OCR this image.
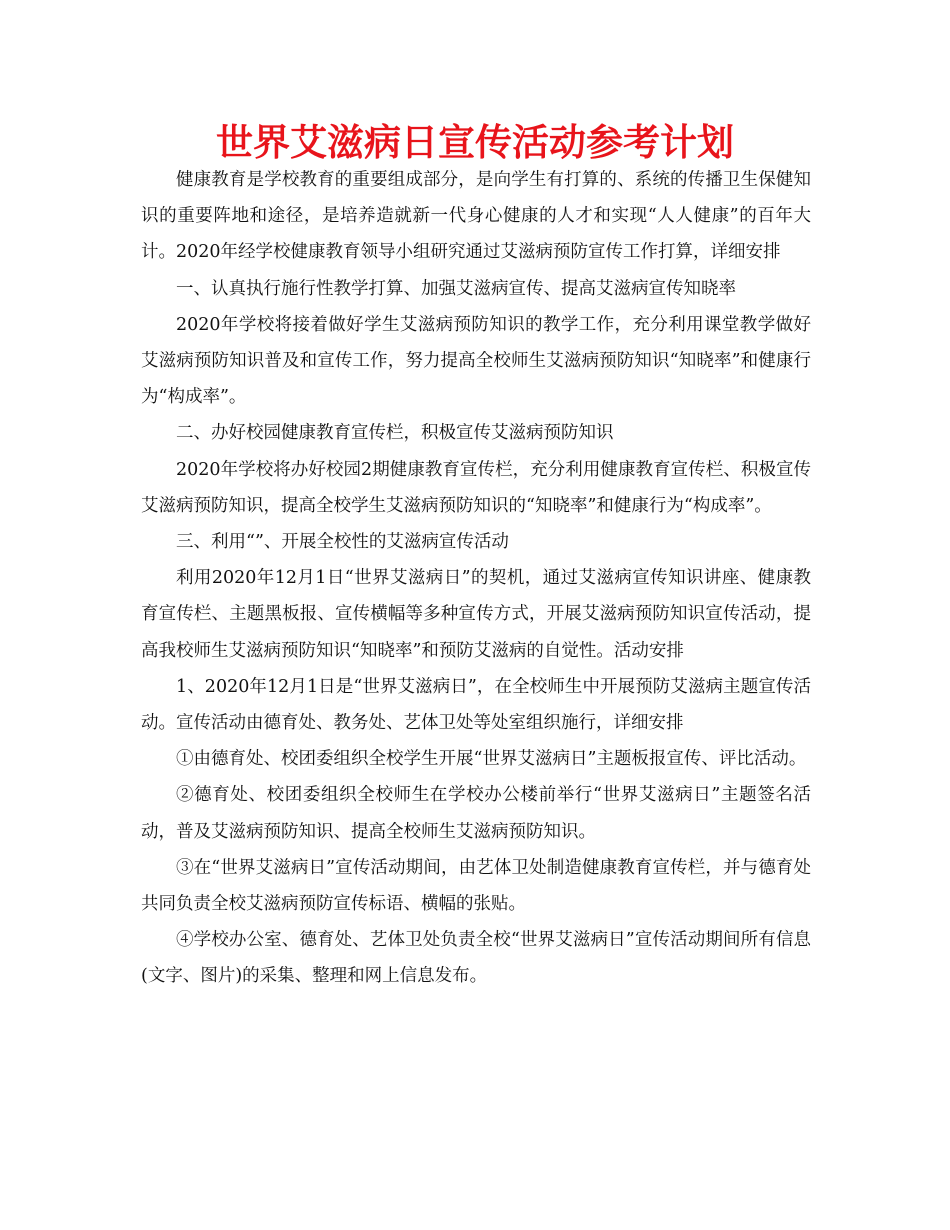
世界艾滋病日宣传活动参考计划

健康教育是学校教育的重要组成部分，是向学生有打算的、系统的传播卫生保健知识的重要阵地和途径，是培养造就新一代身心健康的人才和实现“人人健康”的百年大计。2020年经学校健康教育领导小组研究通过艾滋病预防宣传工作打算，详细安排

一、认真执行施行性教学打算、加强艾滋病宣传、提高艾滋病宣传知晓率

2020年学校将接着做好学生艾滋病预防知识的教学工作，充分利用课堂教学做好艾滋病预防知识普及和宣传工作，努力提高全校师生艾滋病预防知识“知晓率”和健康行为“构成率”。

二、办好校园健康教育宣传栏，积极宣传艾滋病预防知识

2020年学校将办好校园2期健康教育宣传栏，充分利用健康教育宣传栏、积极宣传艾滋病预防知识，提高全校学生艾滋病预防知识的“知晓率”和健康行为“构成率”。

三、利用“”、开展全校性的艾滋病宣传活动

利用2020年12月1日“世界艾滋病日”的契机，通过艾滋病宣传知识讲座、健康教育宣传栏、主题黑板报、宣传横幅等多种宣传方式，开展艾滋病预防知识宣传活动，提高我校师生艾滋病预防知识“知晓率”和预防艾滋病的自觉性。活动安排

1、2020年12月1日是“世界艾滋病日”，在全校师生中开展预防艾滋病主题宣传活动。宣传活动由德育处、教务处、艺体卫处等处室组织施行，详细安排

①由德育处、校团委组织全校学生开展“世界艾滋病日”主题板报宣传、评比活动。

②德育处、校团委组织全校师生在学校办公楼前举行“世界艾滋病日”主题签名活动，普及艾滋病预防知识、提高全校师生艾滋病预防知识。

③在“世界艾滋病日”宣传活动期间，由艺体卫处制造健康教育宣传栏，并与德育处共同负责全校艾滋病预防宣传标语、横幅的张贴。

④学校办公室、德育处、艺体卫处负责全校“世界艾滋病日”宣传活动期间所有信息(文字、图片)的采集、整理和网上信息发布。
